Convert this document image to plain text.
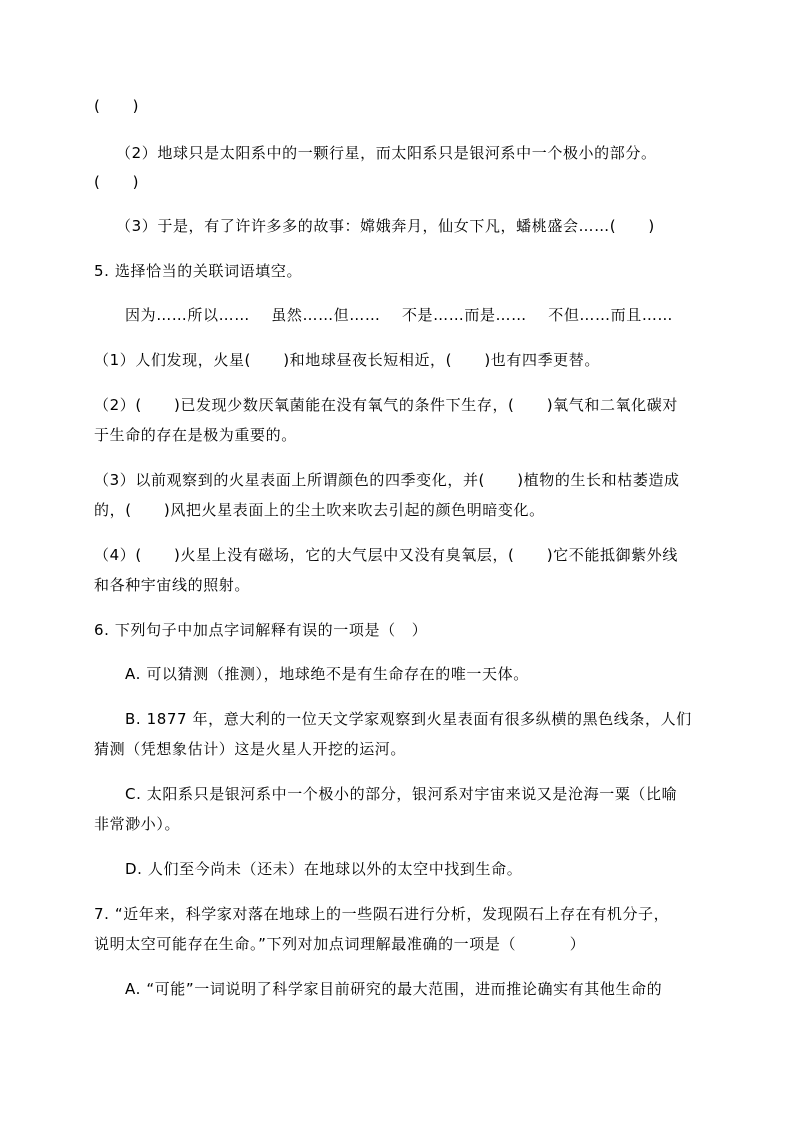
(      )
（2）地球只是太阳系中的一颗行星，而太阳系只是银河系中一个极小的部分。
(      )
（3）于是，有了许许多多的故事：嫦娥奔月，仙女下凡，蟠桃盛会……(      )
5. 选择恰当的关联词语填空。
因为……所以……    虽然……但……    不是……而是……    不但……而且……
（1）人们发现，火星(      )和地球昼夜长短相近，(      )也有四季更替。
（2）(      )已发现少数厌氧菌能在没有氧气的条件下生存，(      )氧气和二氧化碳对
于生命的存在是极为重要的。
（3）以前观察到的火星表面上所谓颜色的四季变化，并(      )植物的生长和枯萎造成
的，(      )风把火星表面上的尘土吹来吹去引起的颜色明暗变化。
（4）(      )火星上没有磁场，它的大气层中又没有臭氧层，(      )它不能抵御紫外线
和各种宇宙线的照射。
6. 下列句子中加点字词解释有误的一项是（   ）
A. 可以猜测（推测），地球绝不是有生命存在的唯一天体。
B. 1877 年，意大利的一位天文学家观察到火星表面有很多纵横的黑色线条，人们
猜测（凭想象估计）这是火星人开挖的运河。
C. 太阳系只是银河系中一个极小的部分，银河系对宇宙来说又是沧海一粟（比喻
非常渺小）。
D. 人们至今尚未（还未）在地球以外的太空中找到生命。
7. “近年来，科学家对落在地球上的一些陨石进行分析，发现陨石上存在有机分子，
说明太空可能存在生命。”下列对加点词理解最准确的一项是（          ）
A. “可能”一词说明了科学家目前研究的最大范围，进而推论确实有其他生命的
